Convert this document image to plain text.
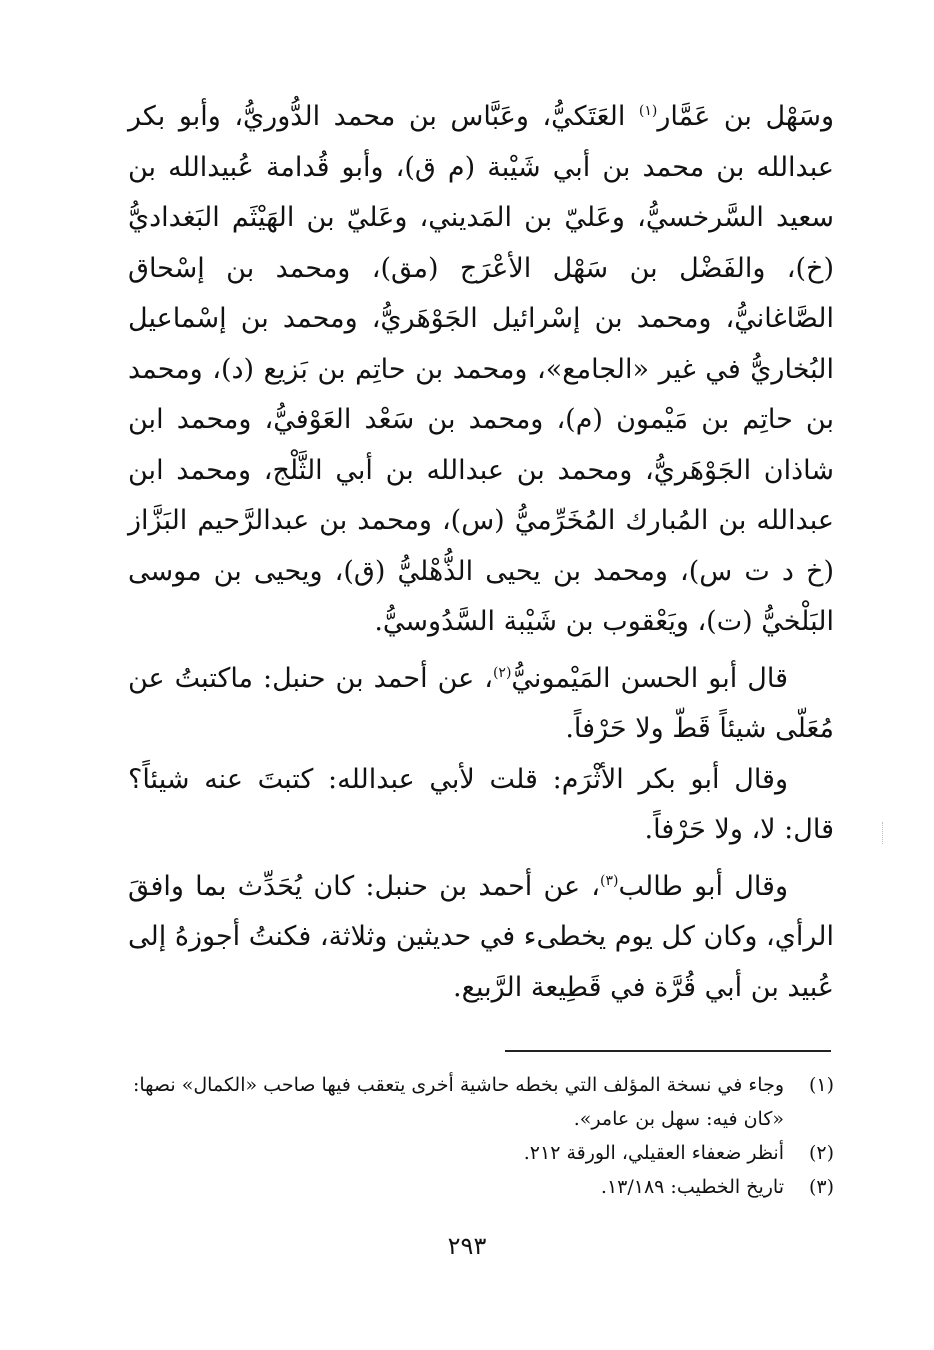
وسَهْل بن عَمَّار$^{(١)}$ العَتَكيُّ، وعَبَّاس بن محمد الدُّوريُّ، وأبو بكر عبدالله بن محمد بن أبي شَيْبة (م ق)، وأبو قُدامة عُبيدالله بن سعيد السَّرخسيُّ، وعَليّ بن المَديني، وعَليّ بن الهَيْثَم البَغداديُّ (خ)، والفَضْل بن سَهْل الأعْرَج (مق)، ومحمد بن إسْحاق الصَّاغانيُّ، ومحمد بن إسْرائيل الجَوْهَريُّ، ومحمد بن إسْماعيل البُخاريُّ في غير «الجامع»، ومحمد بن حاتِم بن بَزيع (د)، ومحمد بن حاتِم بن مَيْمون (م)، ومحمد بن سَعْد العَوْفيُّ، ومحمد ابن شاذان الجَوْهَريُّ، ومحمد بن عبدالله بن أبي الثَّلْج، ومحمد ابن عبدالله بن المُبارك المُخَرِّميُّ (س)، ومحمد بن عبدالرَّحيم البَزَّاز (خ د ت س)، ومحمد بن يحيى الذُّهْليُّ (ق)، ويحيى بن موسى البَلْخيُّ (ت)، ويَعْقوب بن شَيْبة السَّدُوسيُّ.

قال أبو الحسن المَيْمونيُّ$^{(٢)}$، عن أحمد بن حنبل: ماكتبتُ عن مُعَلّى شيئاً قَطّ ولا حَرْفاً.

وقال أبو بكر الأثْرَم: قلت لأبي عبدالله: كتبتَ عنه شيئاً؟ قال: لا، ولا حَرْفاً.

وقال أبو طالب$^{(٣)}$، عن أحمد بن حنبل: كان يُحَدِّث بما وافقَ الرأي، وكان كل يوم يخطىء في حديثين وثلاثة، فكنتُ أجوزهُ إلى عُبيد بن أبي قُرَّة في قَطِيعة الرَّبيع.

(١)
وجاء في نسخة المؤلف التي بخطه حاشية أخرى يتعقب فيها صاحب «الكمال» نصها: «كان فيه: سهل بن عامر».
(٢)
أنظر ضعفاء العقيلي، الورقة ٢١٢.
(٣)
تاريخ الخطيب: ١٣/١٨٩.
٢٩٣
